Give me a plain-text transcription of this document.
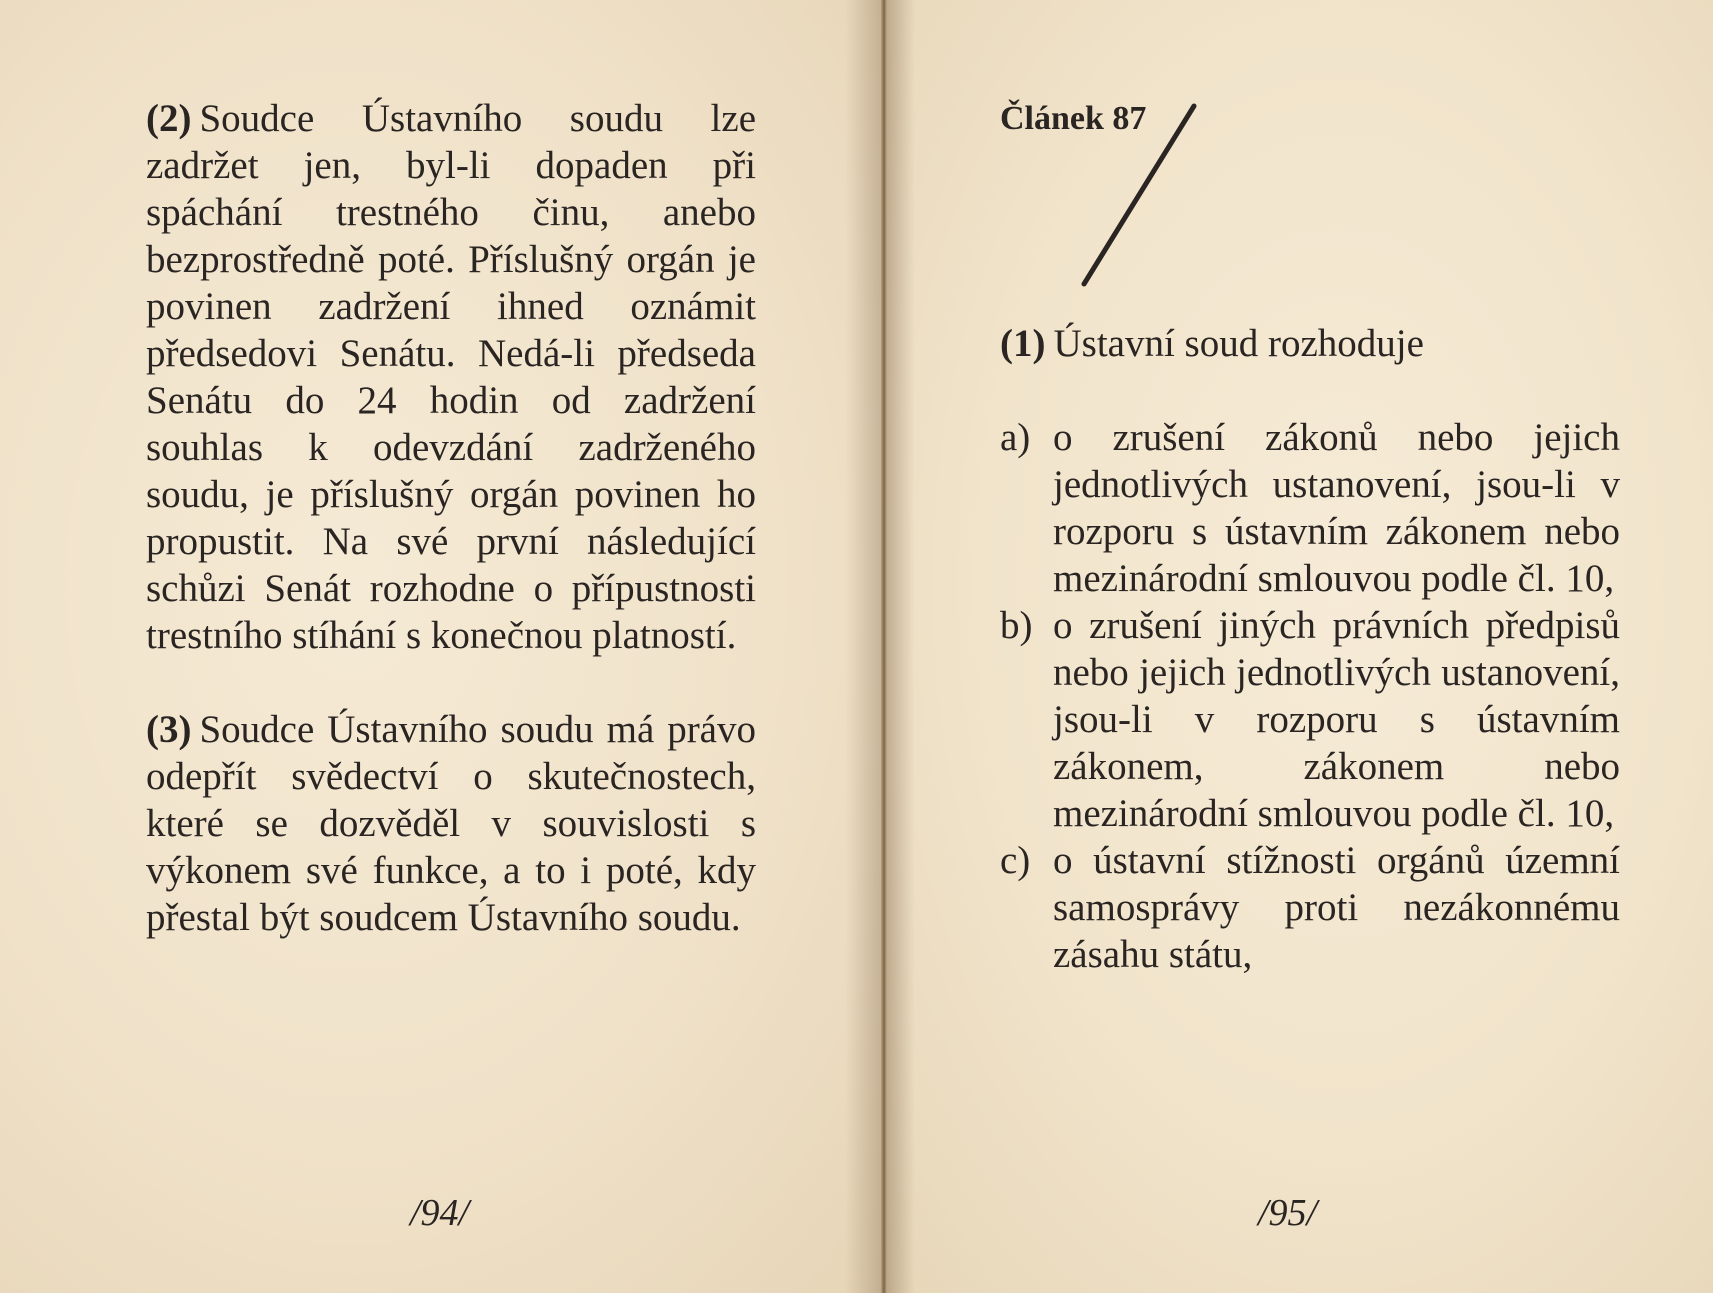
(2) Soudce Ústavního soudu lze zadržet jen, byl-li dopaden při spáchání trestného činu, anebo bezprostředně poté. Příslušný orgán je povinen zadržení ihned oznámit předsedovi Senátu. Nedá-li předseda Senátu do 24 hodin od zadržení souhlas k odevzdání zadrženého soudu, je příslušný orgán povinen ho propustit. Na své první následující schůzi Senát rozhodne o přípustnosti trestního stíhání s konečnou platností.

(3) Soudce Ústavního soudu má právo odepřít svědectví o skutečnostech, které se dozvěděl v souvislosti s výkonem své funkce, a to i poté, kdy přestal být soudcem Ústavního soudu.

/94/
Článek 87
(1) Ústavní soud rozhoduje
a) o zrušení zákonů nebo jejich jednotlivých ustanovení, jsou-li v rozporu s ústavním zákonem nebo mezinárodní smlouvou podle čl. 10,
b) o zrušení jiných právních předpisů nebo jejich jednotlivých ustanovení, jsou-li v rozporu s ústavním zákonem, zákonem nebo mezinárodní smlouvou podle čl. 10,
c) o ústavní stížnosti orgánů územní samosprávy proti nezákonnému zásahu státu,
/95/
